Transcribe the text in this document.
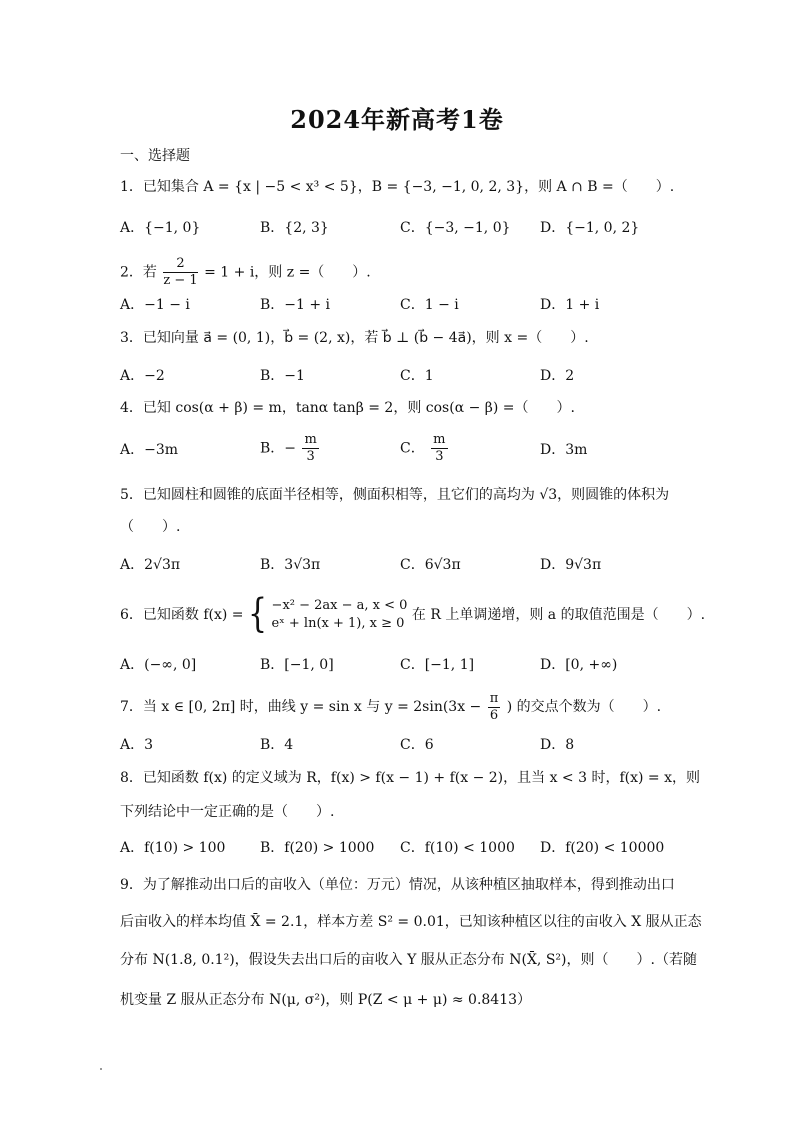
2024年新高考1卷
一、选择题
1．已知集合 A = {x | −5 < x³ < 5}，B = {−3, −1, 0, 2, 3}，则 A ∩ B =（　　）.
A．{−1, 0}	B．{2, 3}	C．{−3, −1, 0} D．{−1, 0, 2}
2．若 $\frac{2}{z - 1} = 1 + i$，则 z =（　　）.
A．−1 − i	B．−1 + i	C．1 − i	D．1 + i
3．已知向量 a⃗ = (0, 1)，b⃗ = (2, x)，若 b⃗ ⊥ (b⃗ − 4a⃗)，则 x =（　　）.
A．−2	B．−1	C．1	D．2
4．已知 cos(α + β) = m，tanα tanβ = 2，则 cos(α − β) =（　　）.
A．−3m	B．− $\frac{m}{3}$	C． $\frac{m}{3}$	D．3m
5．已知圆柱和圆锥的底面半径相等，侧面积相等，且它们的高均为 √3，则圆锥的体积为
（　　）.
A．2√3π	B．3√3π	C．6√3π	D．9√3π
6．已知函数 f(x) = { −x² − 2ax − a, x < 0
eˣ + ln(x + 1), x ≥ 0
在 R 上单调递增，则 a 的取值范围是（　　）.
A．(−∞, 0]	B．[−1, 0]	C．[−1, 1]	D．[0, +∞)
7．当 x ∈ [0, 2π] 时，曲线 y = sin x 与 $y = 2\sin(3x - \frac{\pi}{6}$ ) 的交点个数为（　　）.
A．3	B．4	C．6	D．8
8．已知函数 f(x) 的定义域为 R，f(x) > f(x − 1) + f(x − 2)，且当 x < 3 时，f(x) = x，则
下列结论中一定正确的是（　　）.
A．f(10) > 100 B．f(20) > 1000 C．f(10) < 1000 D．f(20) < 10000
9．为了解推动出口后的亩收入（单位：万元）情况，从该种植区抽取样本，得到推动出口
后亩收入的样本均值 X̄ = 2.1，样本方差 S² = 0.01，已知该种植区以往的亩收入 X 服从正态
分布 N(1.8, 0.1²)，假设失去出口后的亩收入 Y 服从正态分布 N(X̄, S²)，则（　　）.（若随
机变量 Z 服从正态分布 N(μ, σ²)，则 P(Z < μ + μ) ≈ 0.8413）
